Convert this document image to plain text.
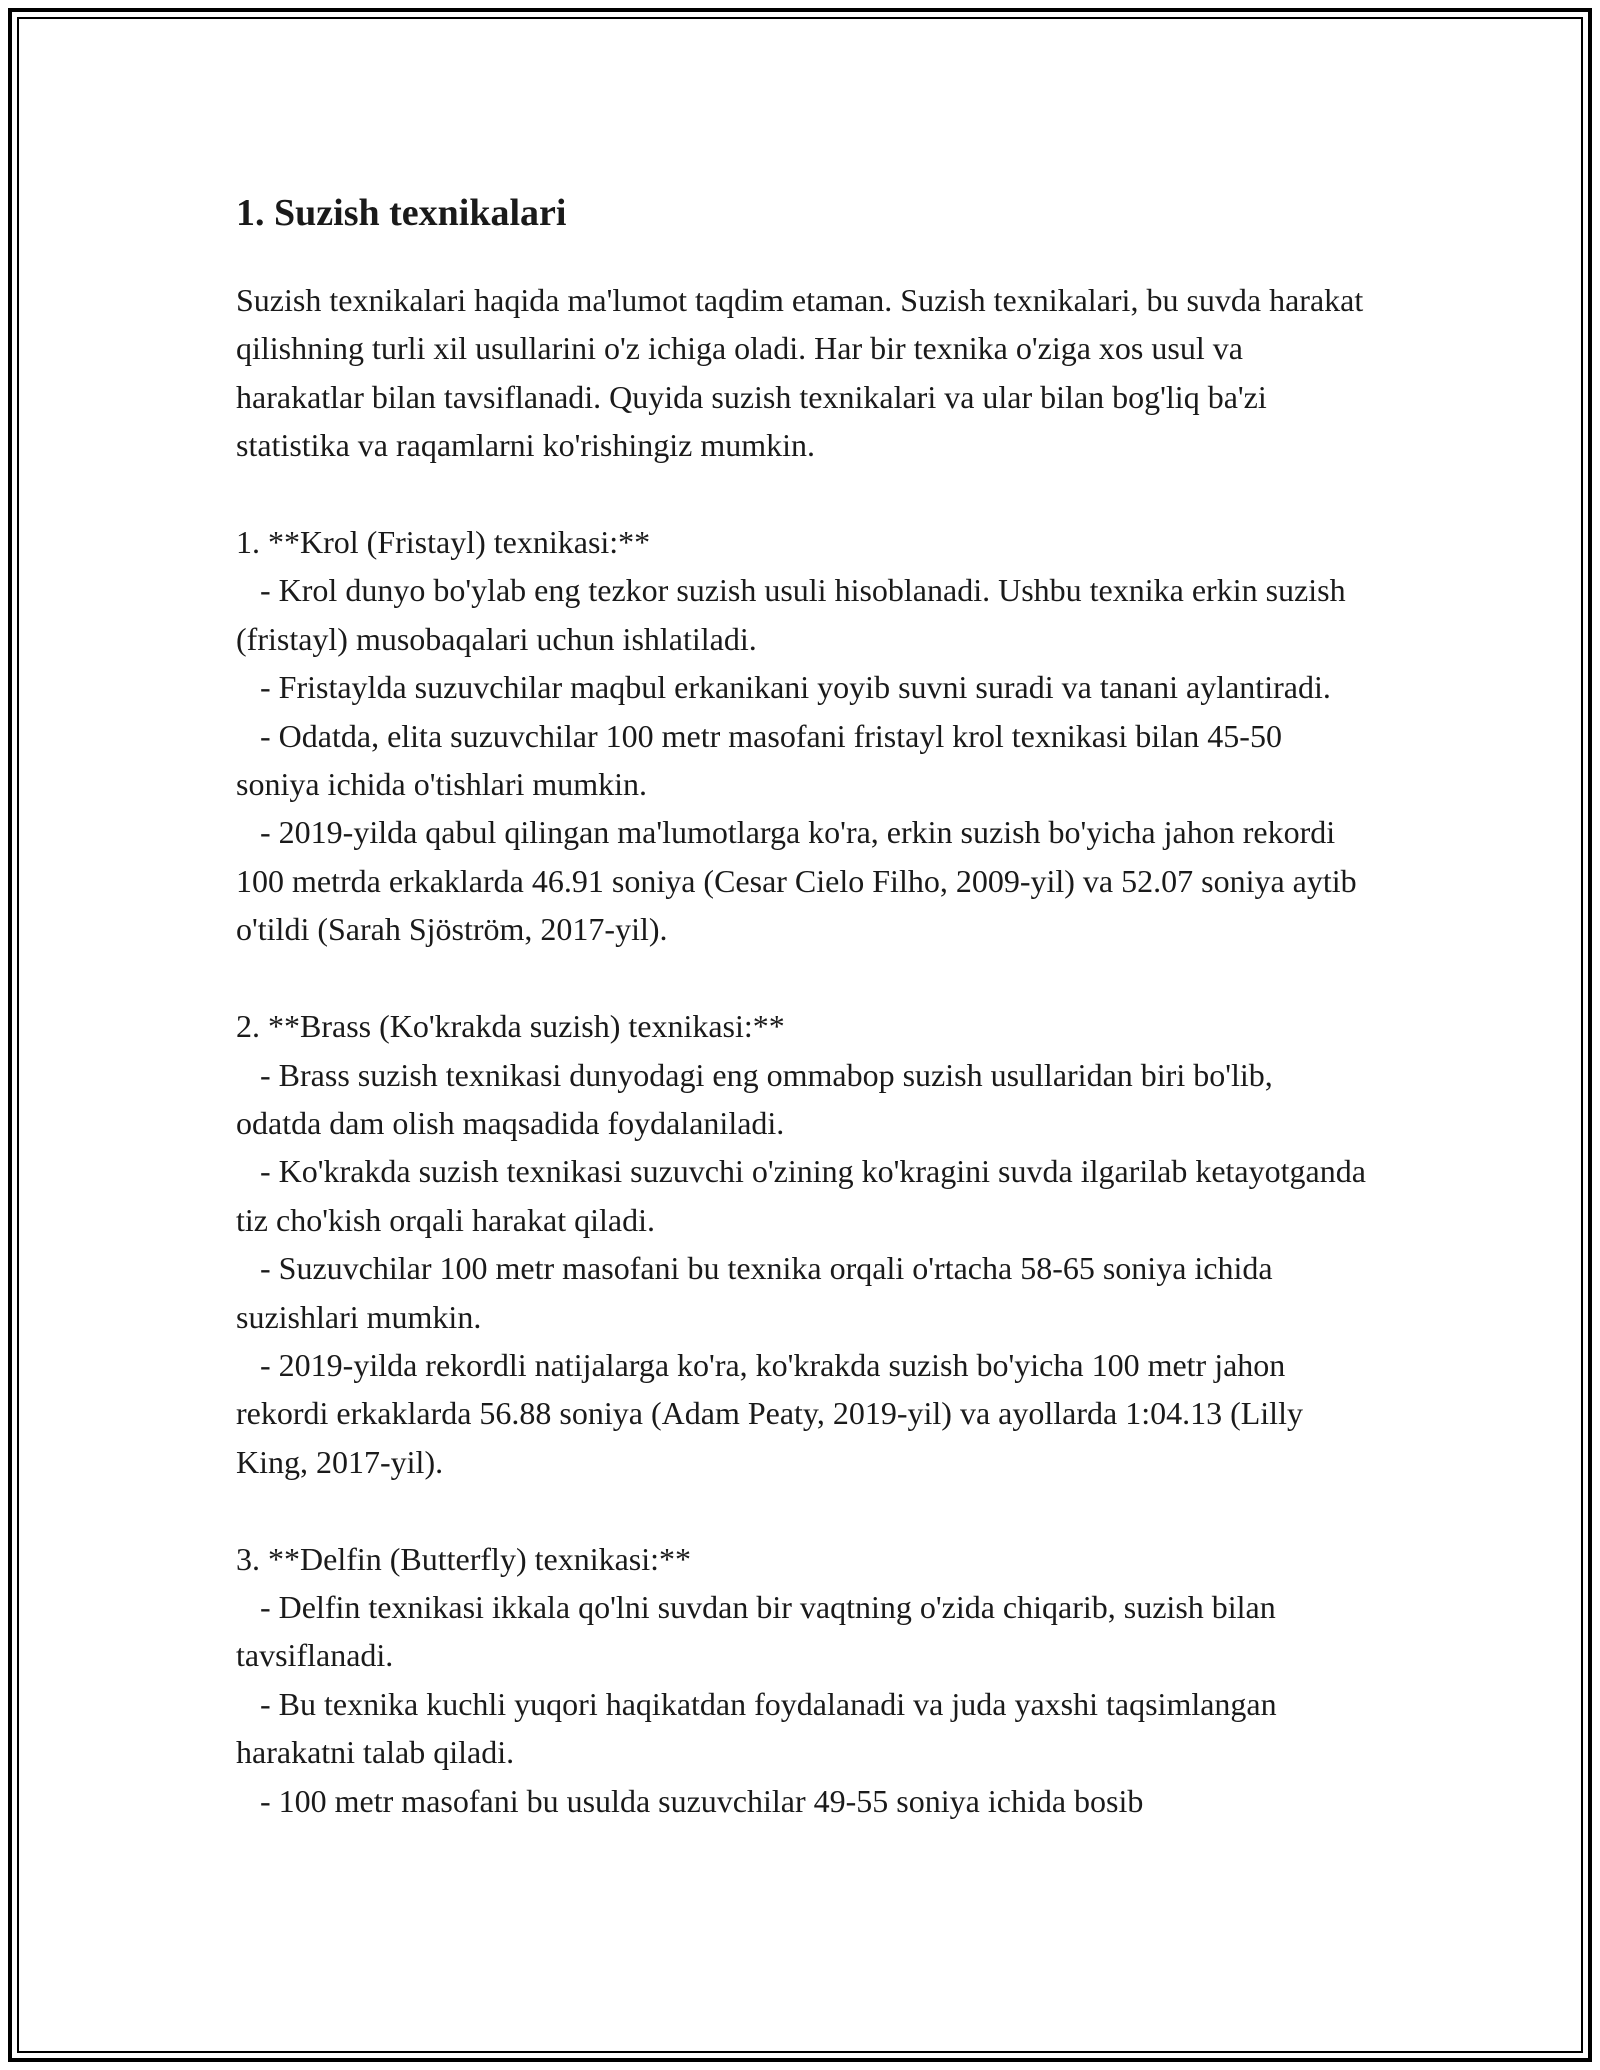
1. Suzish texnikalari

Suzish texnikalari haqida ma'lumot taqdim etaman. Suzish texnikalari, bu suvda harakat qilishning turli xil usullarini o'z ichiga oladi. Har bir texnika o'ziga xos usul va harakatlar bilan tavsiflanadi. Quyida suzish texnikalari va ular bilan bog'liq ba'zi statistika va raqamlarni ko'rishingiz mumkin.

1. **Krol (Fristayl) texnikasi:**
- Krol dunyo bo'ylab eng tezkor suzish usuli hisoblanadi. Ushbu texnika erkin suzish (fristayl) musobaqalari uchun ishlatiladi.
- Fristaylda suzuvchilar maqbul erkanikani yoyib suvni suradi va tanani aylantiradi.
- Odatda, elita suzuvchilar 100 metr masofani fristayl krol texnikasi bilan 45-50 soniya ichida o'tishlari mumkin.
- 2019-yilda qabul qilingan ma'lumotlarga ko'ra, erkin suzish bo'yicha jahon rekordi 100 metrda erkaklarda 46.91 soniya (Cesar Cielo Filho, 2009-yil) va 52.07 soniya aytib o'tildi (Sarah Sjöström, 2017-yil).

2. **Brass (Ko'krakda suzish) texnikasi:**
- Brass suzish texnikasi dunyodagi eng ommabop suzish usullaridan biri bo'lib, odatda dam olish maqsadida foydalaniladi.
- Ko'krakda suzish texnikasi suzuvchi o'zining ko'kragini suvda ilgarilab ketayotganda tiz cho'kish orqali harakat qiladi.
- Suzuvchilar 100 metr masofani bu texnika orqali o'rtacha 58-65 soniya ichida suzishlari mumkin.
- 2019-yilda rekordli natijalarga ko'ra, ko'krakda suzish bo'yicha 100 metr jahon rekordi erkaklarda 56.88 soniya (Adam Peaty, 2019-yil) va ayollarda 1:04.13 (Lilly King, 2017-yil).

3. **Delfin (Butterfly) texnikasi:**
- Delfin texnikasi ikkala qo'lni suvdan bir vaqtning o'zida chiqarib, suzish bilan tavsiflanadi.
- Bu texnika kuchli yuqori haqikatdan foydalanadi va juda yaxshi taqsimlangan harakatni talab qiladi.
- 100 metr masofani bu usulda suzuvchilar 49-55 soniya ichida bosib
